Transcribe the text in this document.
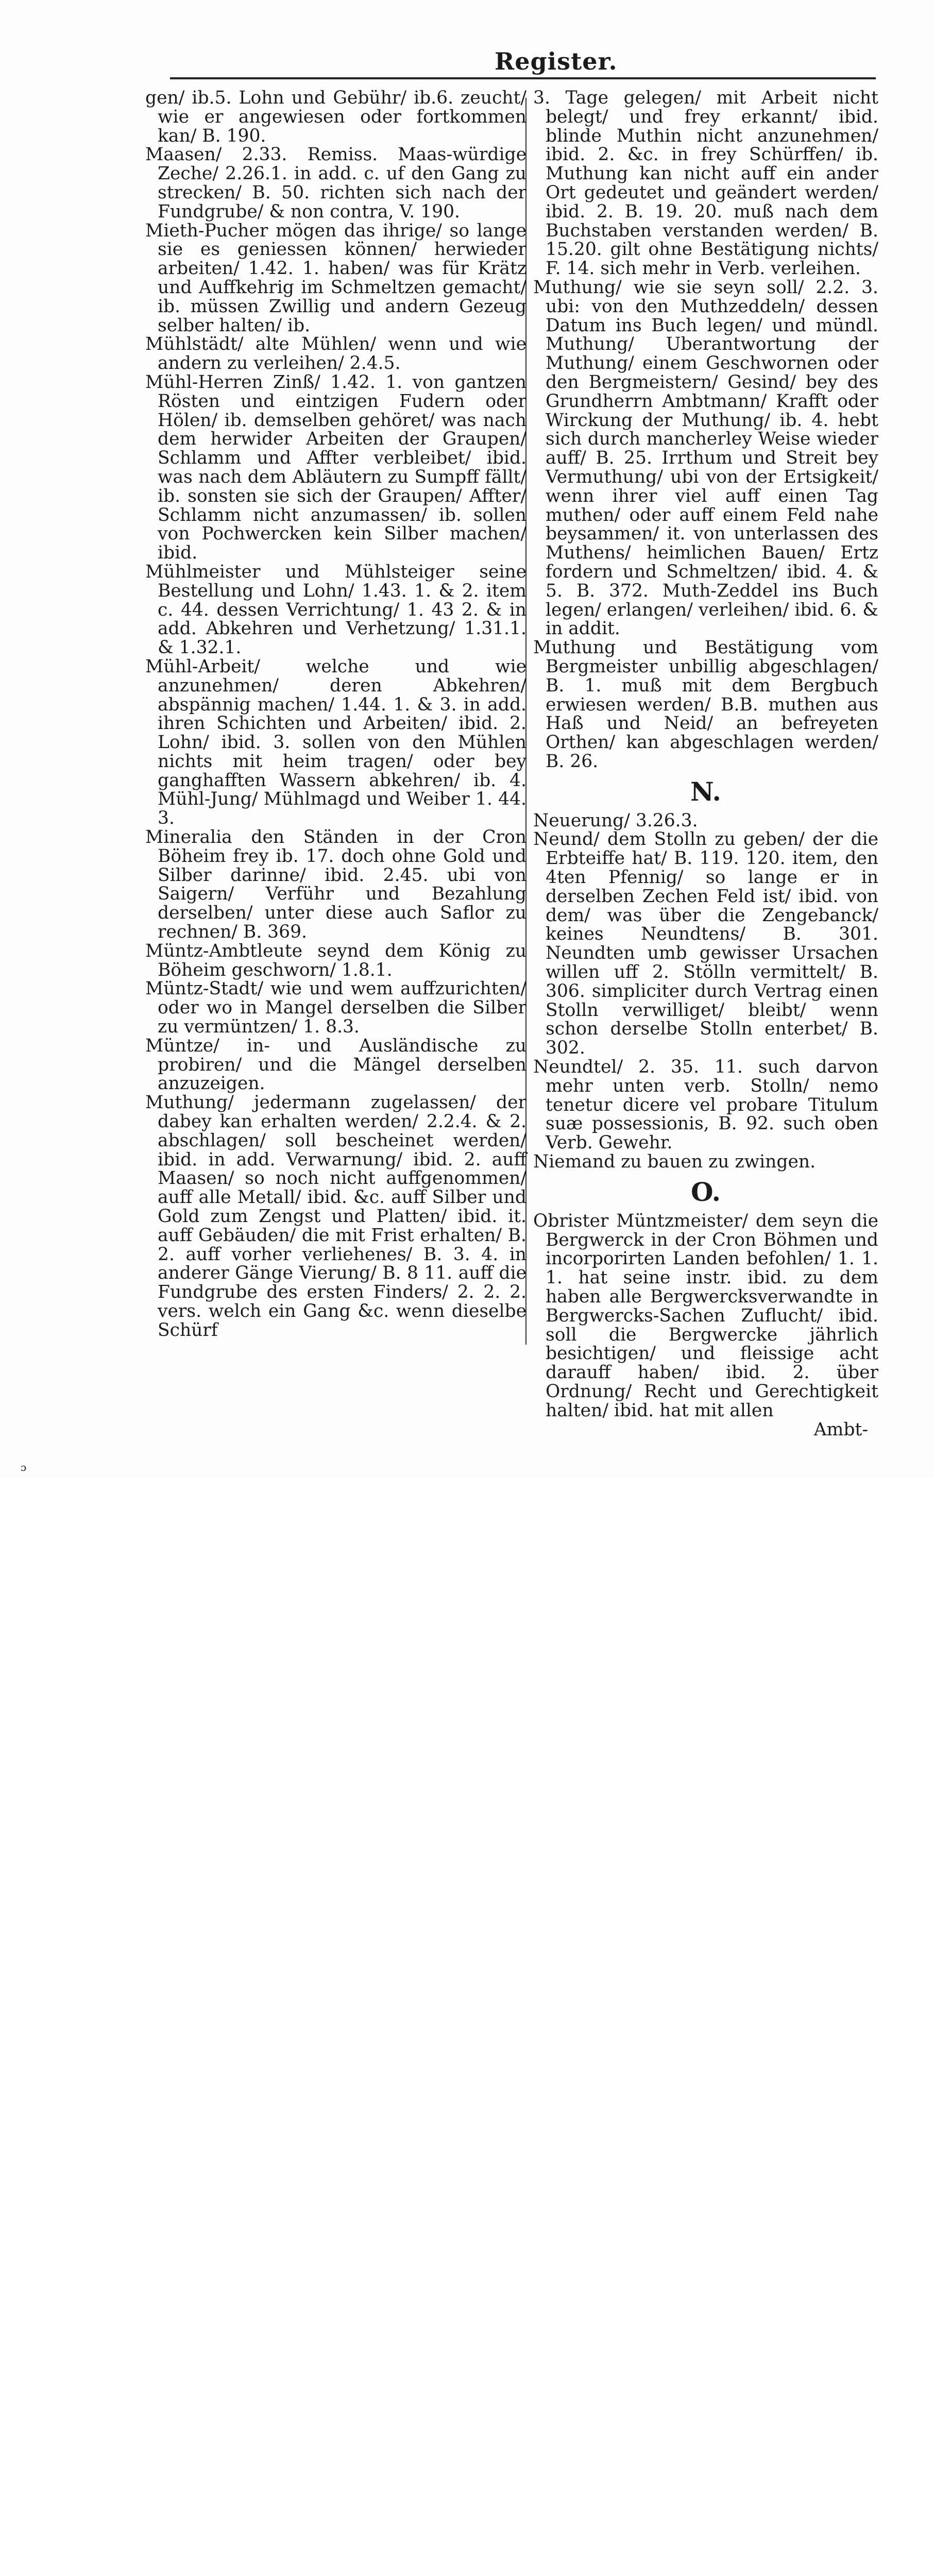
Register.

gen/ ib.5. Lohn und Gebühr/ ib.6. zeucht/ wie er angewiesen oder fortkommen kan/ B. 190.

Maasen/ 2.33. Remiss. Maas-würdige Zeche/ 2.26.1. in add. c. uf den Gang zu strecken/ B. 50. richten sich nach der Fundgrube/ & non contra, V. 190.

Mieth-Pucher mögen das ihrige/ so lange sie es geniessen können/ herwieder arbeiten/ 1.42. 1. haben/ was für Krätz und Auffkehrig im Schmeltzen gemacht/ ib. müssen Zwillig und andern Gezeug selber halten/ ib.

Mühlstädt/ alte Mühlen/ wenn und wie andern zu verleihen/ 2.4.5.

Mühl-Herren Zinß/ 1.42. 1. von gantzen Rösten und eintzigen Fudern oder Hölen/ ib. demselben gehöret/ was nach dem herwider Arbeiten der Graupen/ Schlamm und Affter verbleibet/ ibid. was nach dem Abläutern zu Sumpff fällt/ ib. sonsten sie sich der Graupen/ Affter/ Schlamm nicht anzumassen/ ib. sollen von Pochwercken kein Silber machen/ ibid.

Mühlmeister und Mühlsteiger seine Bestellung und Lohn/ 1.43. 1. & 2. item c. 44. dessen Verrichtung/ 1. 43 2. & in add. Abkehren und Verhetzung/ 1.31.1. & 1.32.1.

Mühl-Arbeit/ welche und wie anzunehmen/ deren Abkehren/ abspännig machen/ 1.44. 1. & 3. in add. ihren Schichten und Arbeiten/ ibid. 2. Lohn/ ibid. 3. sollen von den Mühlen nichts mit heim tragen/ oder bey ganghafften Wassern abkehren/ ib. 4. Mühl-Jung/ Mühlmagd und Weiber 1. 44. 3.

Mineralia den Ständen in der Cron Böheim frey ib. 17. doch ohne Gold und Silber darinne/ ibid. 2.45. ubi von Saigern/ Verführ und Bezahlung derselben/ unter diese auch Saflor zu rechnen/ B. 369.

Müntz-Ambtleute seynd dem König zu Böheim geschworn/ 1.8.1.

Müntz-Stadt/ wie und wem auffzurichten/ oder wo in Mangel derselben die Silber zu vermüntzen/ 1. 8.3.

Müntze/ in- und Ausländische zu probiren/ und die Mängel derselben anzuzeigen.

Muthung/ jedermann zugelassen/ der dabey kan erhalten werden/ 2.2.4. & 2. abschlagen/ soll bescheinet werden/ ibid. in add. Verwarnung/ ibid. 2. auff Maasen/ so noch nicht auffgenommen/ auff alle Metall/ ibid. &c. auff Silber und Gold zum Zengst und Platten/ ibid. it. auff Gebäuden/ die mit Frist erhalten/ B. 2. auff vorher verliehenes/ B. 3. 4. in anderer Gänge Vierung/ B. 8 11. auff die Fundgrube des ersten Finders/ 2. 2. 2. vers. welch ein Gang &c. wenn dieselbe Schürf

3. Tage gelegen/ mit Arbeit nicht belegt/ und frey erkannt/ ibid. blinde Muthin nicht anzunehmen/ ibid. 2. &c. in frey Schürffen/ ib. Muthung kan nicht auff ein ander Ort gedeutet und geändert werden/ ibid. 2. B. 19. 20. muß nach dem Buchstaben verstanden werden/ B. 15.20. gilt ohne Bestätigung nichts/ F. 14. sich mehr in Verb. verleihen.

Muthung/ wie sie seyn soll/ 2.2. 3. ubi: von den Muthzeddeln/ dessen Datum ins Buch legen/ und mündl. Muthung/ Uberantwortung der Muthung/ einem Geschwornen oder den Bergmeistern/ Gesind/ bey des Grundherrn Ambtmann/ Krafft oder Wirckung der Muthung/ ib. 4. hebt sich durch mancherley Weise wieder auff/ B. 25. Irrthum und Streit bey Vermuthung/ ubi von der Ertsigkeit/ wenn ihrer viel auff einen Tag muthen/ oder auff einem Feld nahe beysammen/ it. von unterlassen des Muthens/ heimlichen Bauen/ Ertz fordern und Schmeltzen/ ibid. 4. & 5. B. 372. Muth-Zeddel ins Buch legen/ erlangen/ verleihen/ ibid. 6. & in addit.

Muthung und Bestätigung vom Bergmeister unbillig abgeschlagen/ B. 1. muß mit dem Bergbuch erwiesen werden/ B.B. muthen aus Haß und Neid/ an befreyeten Orthen/ kan abgeschlagen werden/ B. 26.

N.

Neuerung/ 3.26.3.

Neund/ dem Stolln zu geben/ der die Erbteiffe hat/ B. 119. 120. item, den 4ten Pfennig/ so lange er in derselben Zechen Feld ist/ ibid. von dem/ was über die Zengebanck/ keines Neundtens/ B. 301. Neundten umb gewisser Ursachen willen uff 2. Stölln vermittelt/ B. 306. simpliciter durch Vertrag einen Stolln verwilliget/ bleibt/ wenn schon derselbe Stolln enterbet/ B. 302.

Neundtel/ 2. 35. 11. such darvon mehr unten verb. Stolln/ nemo tenetur dicere vel probare Titulum suæ possessionis, B. 92. such oben Verb. Gewehr.

Niemand zu bauen zu zwingen.

O.

Obrister Müntzmeister/ dem seyn die Bergwerck in der Cron Böhmen und incorporirten Landen befohlen/ 1. 1. 1. hat seine instr. ibid. zu dem haben alle Bergwercksverwandte in Bergwercks-Sachen Zuflucht/ ibid. soll die Bergwercke jährlich besichtigen/ und fleissige acht darauff haben/ ibid. 2. über Ordnung/ Recht und Gerechtigkeit halten/ ibid. hat mit allen

Ambt-

ɔ
